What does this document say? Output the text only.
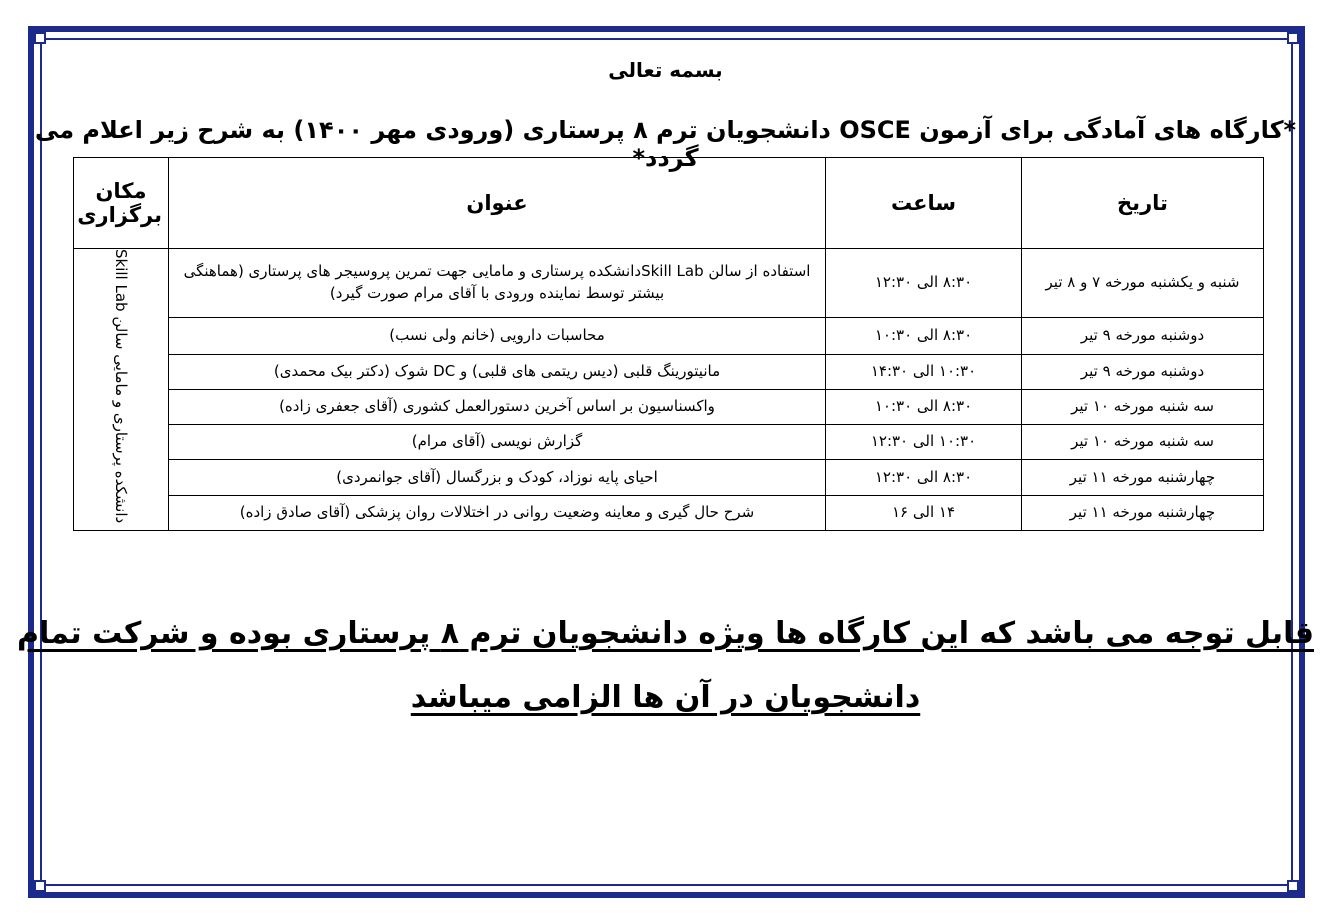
بسمه تعالی
*کارگاه های آمادگی برای آزمون OSCE دانشجویان ترم ۸ پرستاری (ورودی مهر ۱۴۰۰) به شرح زیر اعلام می گردد*
تاریخ	ساعت	عنوان	مکان برگزاری
شنبه و یکشنبه مورخه ۷ و ۸ تیر	۸:۳۰ الی ۱۲:۳۰	استفاده از سالن Skill Labدانشکده پرستاری و مامایی جهت تمرین پروسیجر های پرستاری (هماهنگی بیشتر توسط نماینده ورودی با آقای مرام صورت گیرد)	دانشکده پرستاری و مامایی سالن Skill Lab
دوشنبه مورخه ۹ تیر	۸:۳۰ الی ۱۰:۳۰	محاسبات دارویی (خانم ولی نسب)	
دوشنبه مورخه ۹ تیر	۱۰:۳۰ الی ۱۴:۳۰	مانیتورینگ قلبی (دیس ریتمی های قلبی) و DC شوک (دکتر بیک محمدی)	
سه شنبه مورخه ۱۰ تیر	۸:۳۰ الی ۱۰:۳۰	واکسناسیون بر اساس آخرین دستورالعمل کشوری (آقای جعفری زاده)	
سه شنبه مورخه ۱۰ تیر	۱۰:۳۰ الی ۱۲:۳۰	گزارش نویسی (آقای مرام)	
چهارشنبه مورخه ۱۱ تیر	۸:۳۰ الی ۱۲:۳۰	احیای پایه نوزاد، کودک و بزرگسال (آقای جوانمردی)	
چهارشنبه مورخه ۱۱ تیر	۱۴ الی ۱۶	شرح حال گیری و معاینه وضعیت روانی در اختلالات روان پزشکی (آقای صادق زاده)	
قابل توجه می باشد که این کارگاه ها ویژه دانشجویان ترم ۸ پرستاری بوده و شرکت تمام
دانشجویان در آن ها الزامی میباشد
